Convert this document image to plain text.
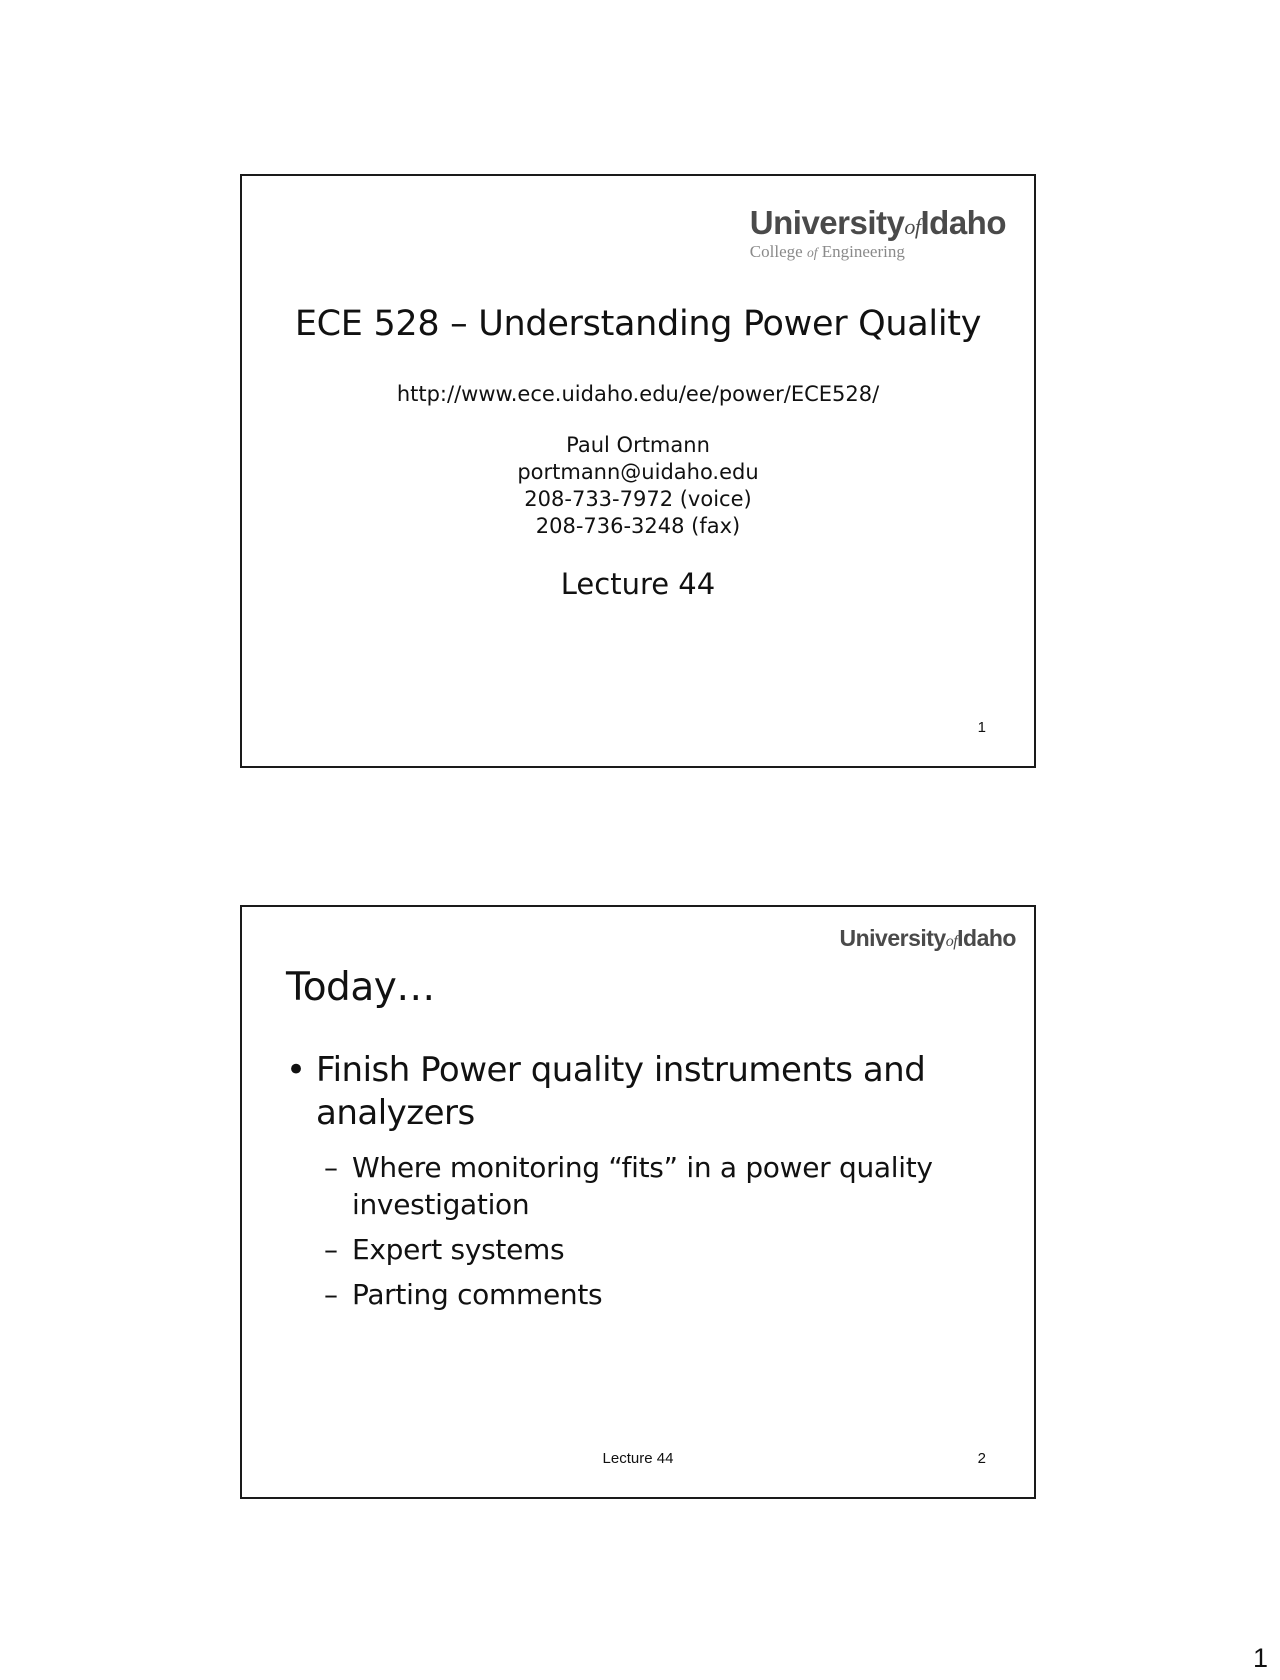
UniversityofIdaho
College of Engineering
ECE 528 – Understanding Power Quality
http://www.ece.uidaho.edu/ee/power/ECE528/
Paul Ortmann
portmann@uidaho.edu
208-733-7972 (voice)
208-736-3248 (fax)
Lecture 44
1
UniversityofIdaho
Today…
• Finish Power quality instruments and analyzers
– Where monitoring “fits” in a power quality investigation
– Expert systems
– Parting comments
Lecture 44	2
1
